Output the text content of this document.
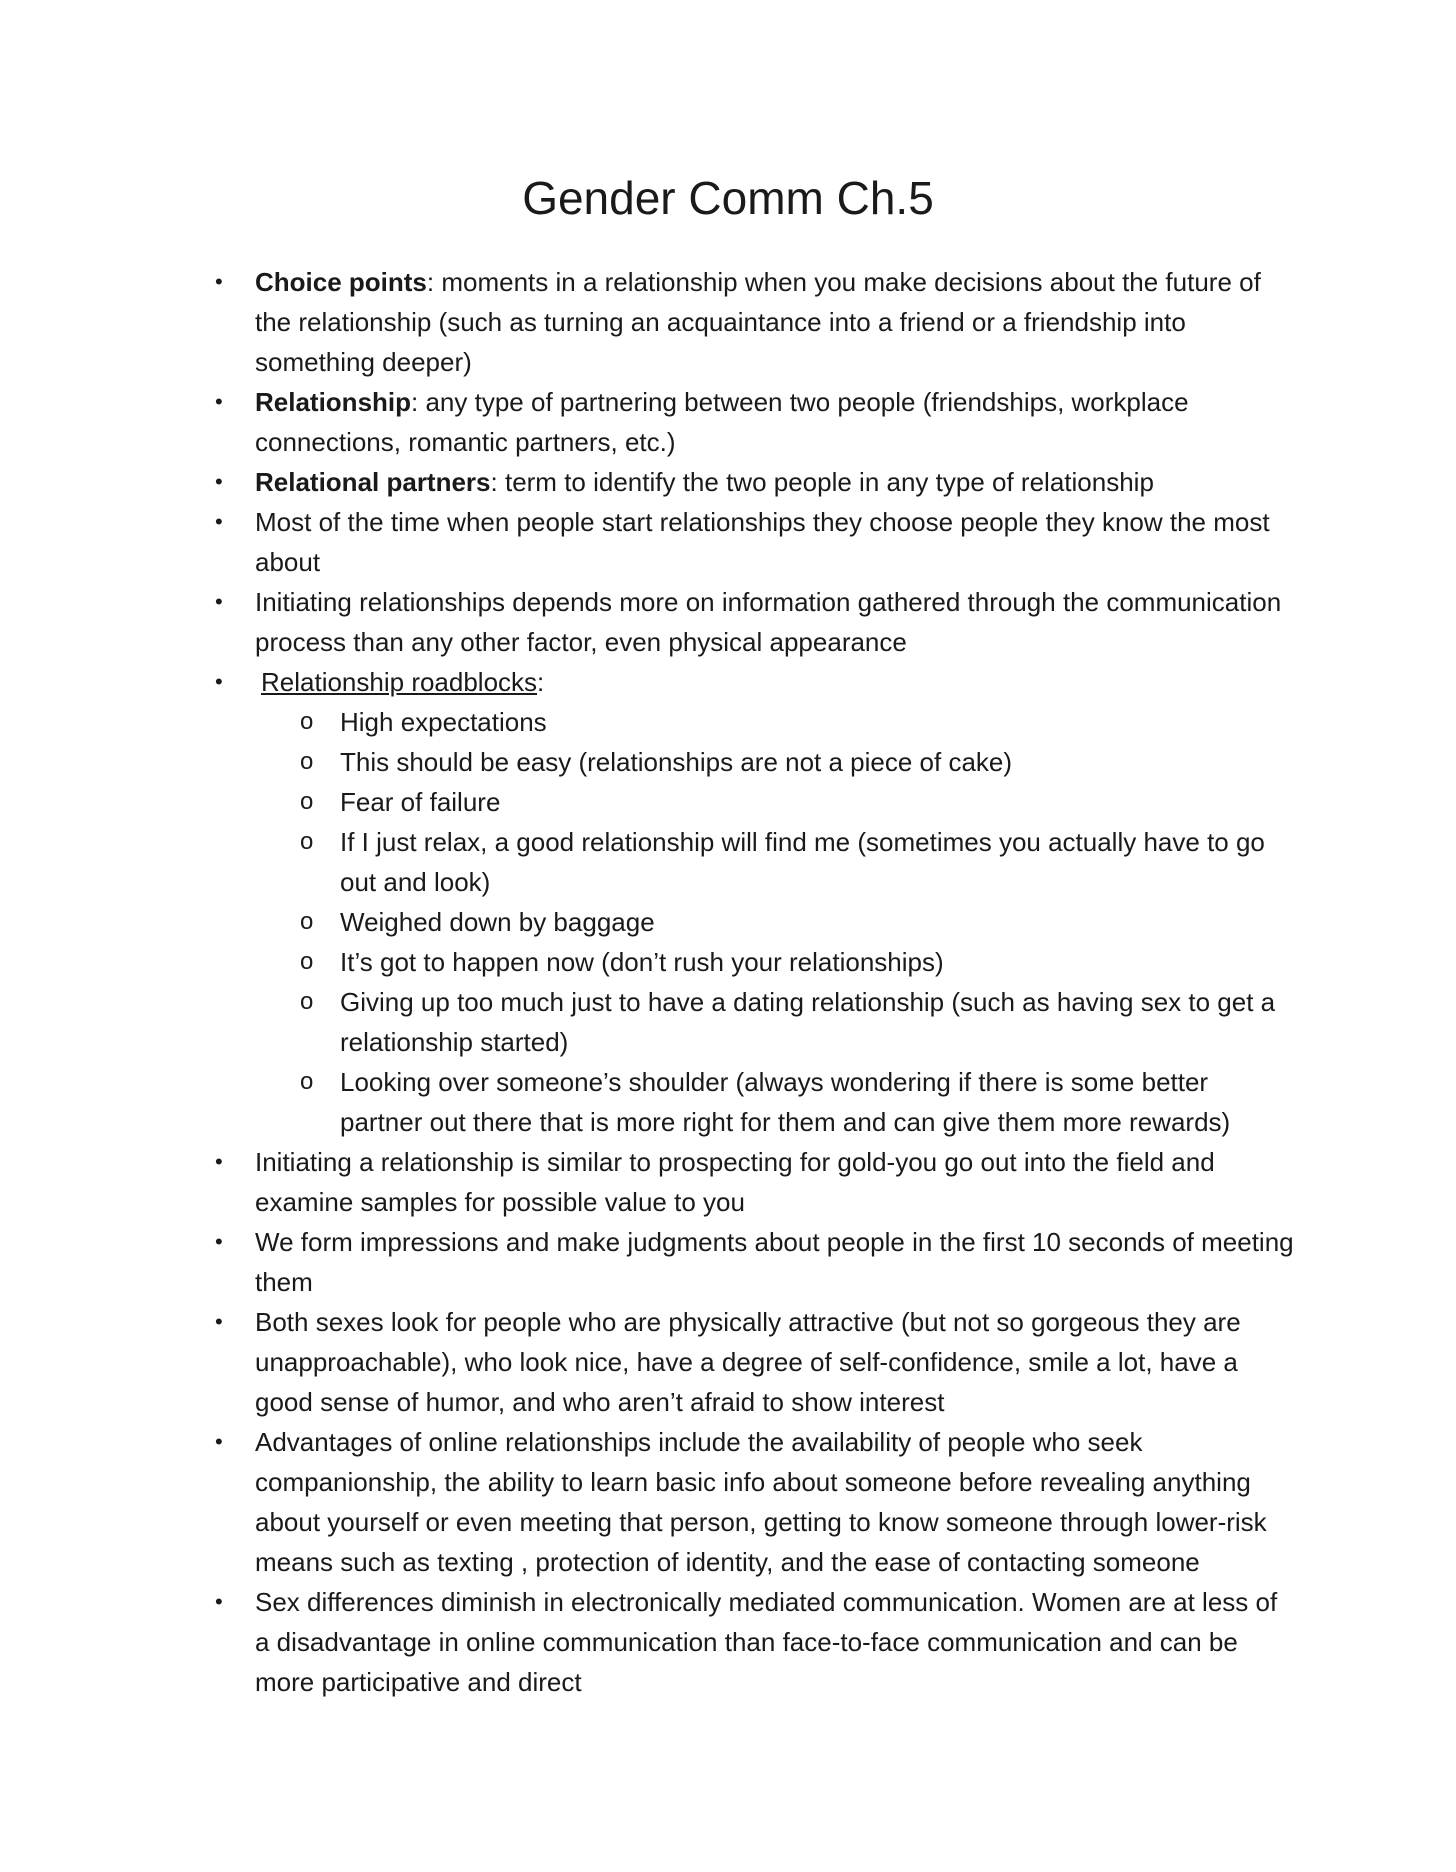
Gender Comm Ch.5
•	Choice points: moments in a relationship when you make decisions about the future of the relationship (such as turning an acquaintance into a friend or a friendship into something deeper)
•	Relationship: any type of partnering between two people (friendships, workplace connections, romantic partners, etc.)
•	Relational partners: term to identify the two people in any type of relationship
•	Most of the time when people start relationships they choose people they know the most about
•	Initiating relationships depends more on information gathered through the communication process than any other factor, even physical appearance
•	Relationship roadblocks:
o High expectations
o This should be easy (relationships are not a piece of cake)
o Fear of failure
o If I just relax, a good relationship will find me (sometimes you actually have to go out and look)
o Weighed down by baggage
o It’s got to happen now (don’t rush your relationships)
o Giving up too much just to have a dating relationship (such as having sex to get a relationship started)
o Looking over someone’s shoulder (always wondering if there is some better partner out there that is more right for them and can give them more rewards)
•	Initiating a relationship is similar to prospecting for gold-you go out into the field and examine samples for possible value to you
•	We form impressions and make judgments about people in the first 10 seconds of meeting them
•	Both sexes look for people who are physically attractive (but not so gorgeous they are unapproachable), who look nice, have a degree of self-confidence, smile a lot, have a good sense of humor, and who aren’t afraid to show interest
•	Advantages of online relationships include the availability of people who seek companionship, the ability to learn basic info about someone before revealing anything about yourself or even meeting that person, getting to know someone through lower-risk means such as texting , protection of identity, and the ease of contacting someone
•	Sex differences diminish in electronically mediated communication. Women are at less of a disadvantage in online communication than face-to-face communication and can be more participative and direct
